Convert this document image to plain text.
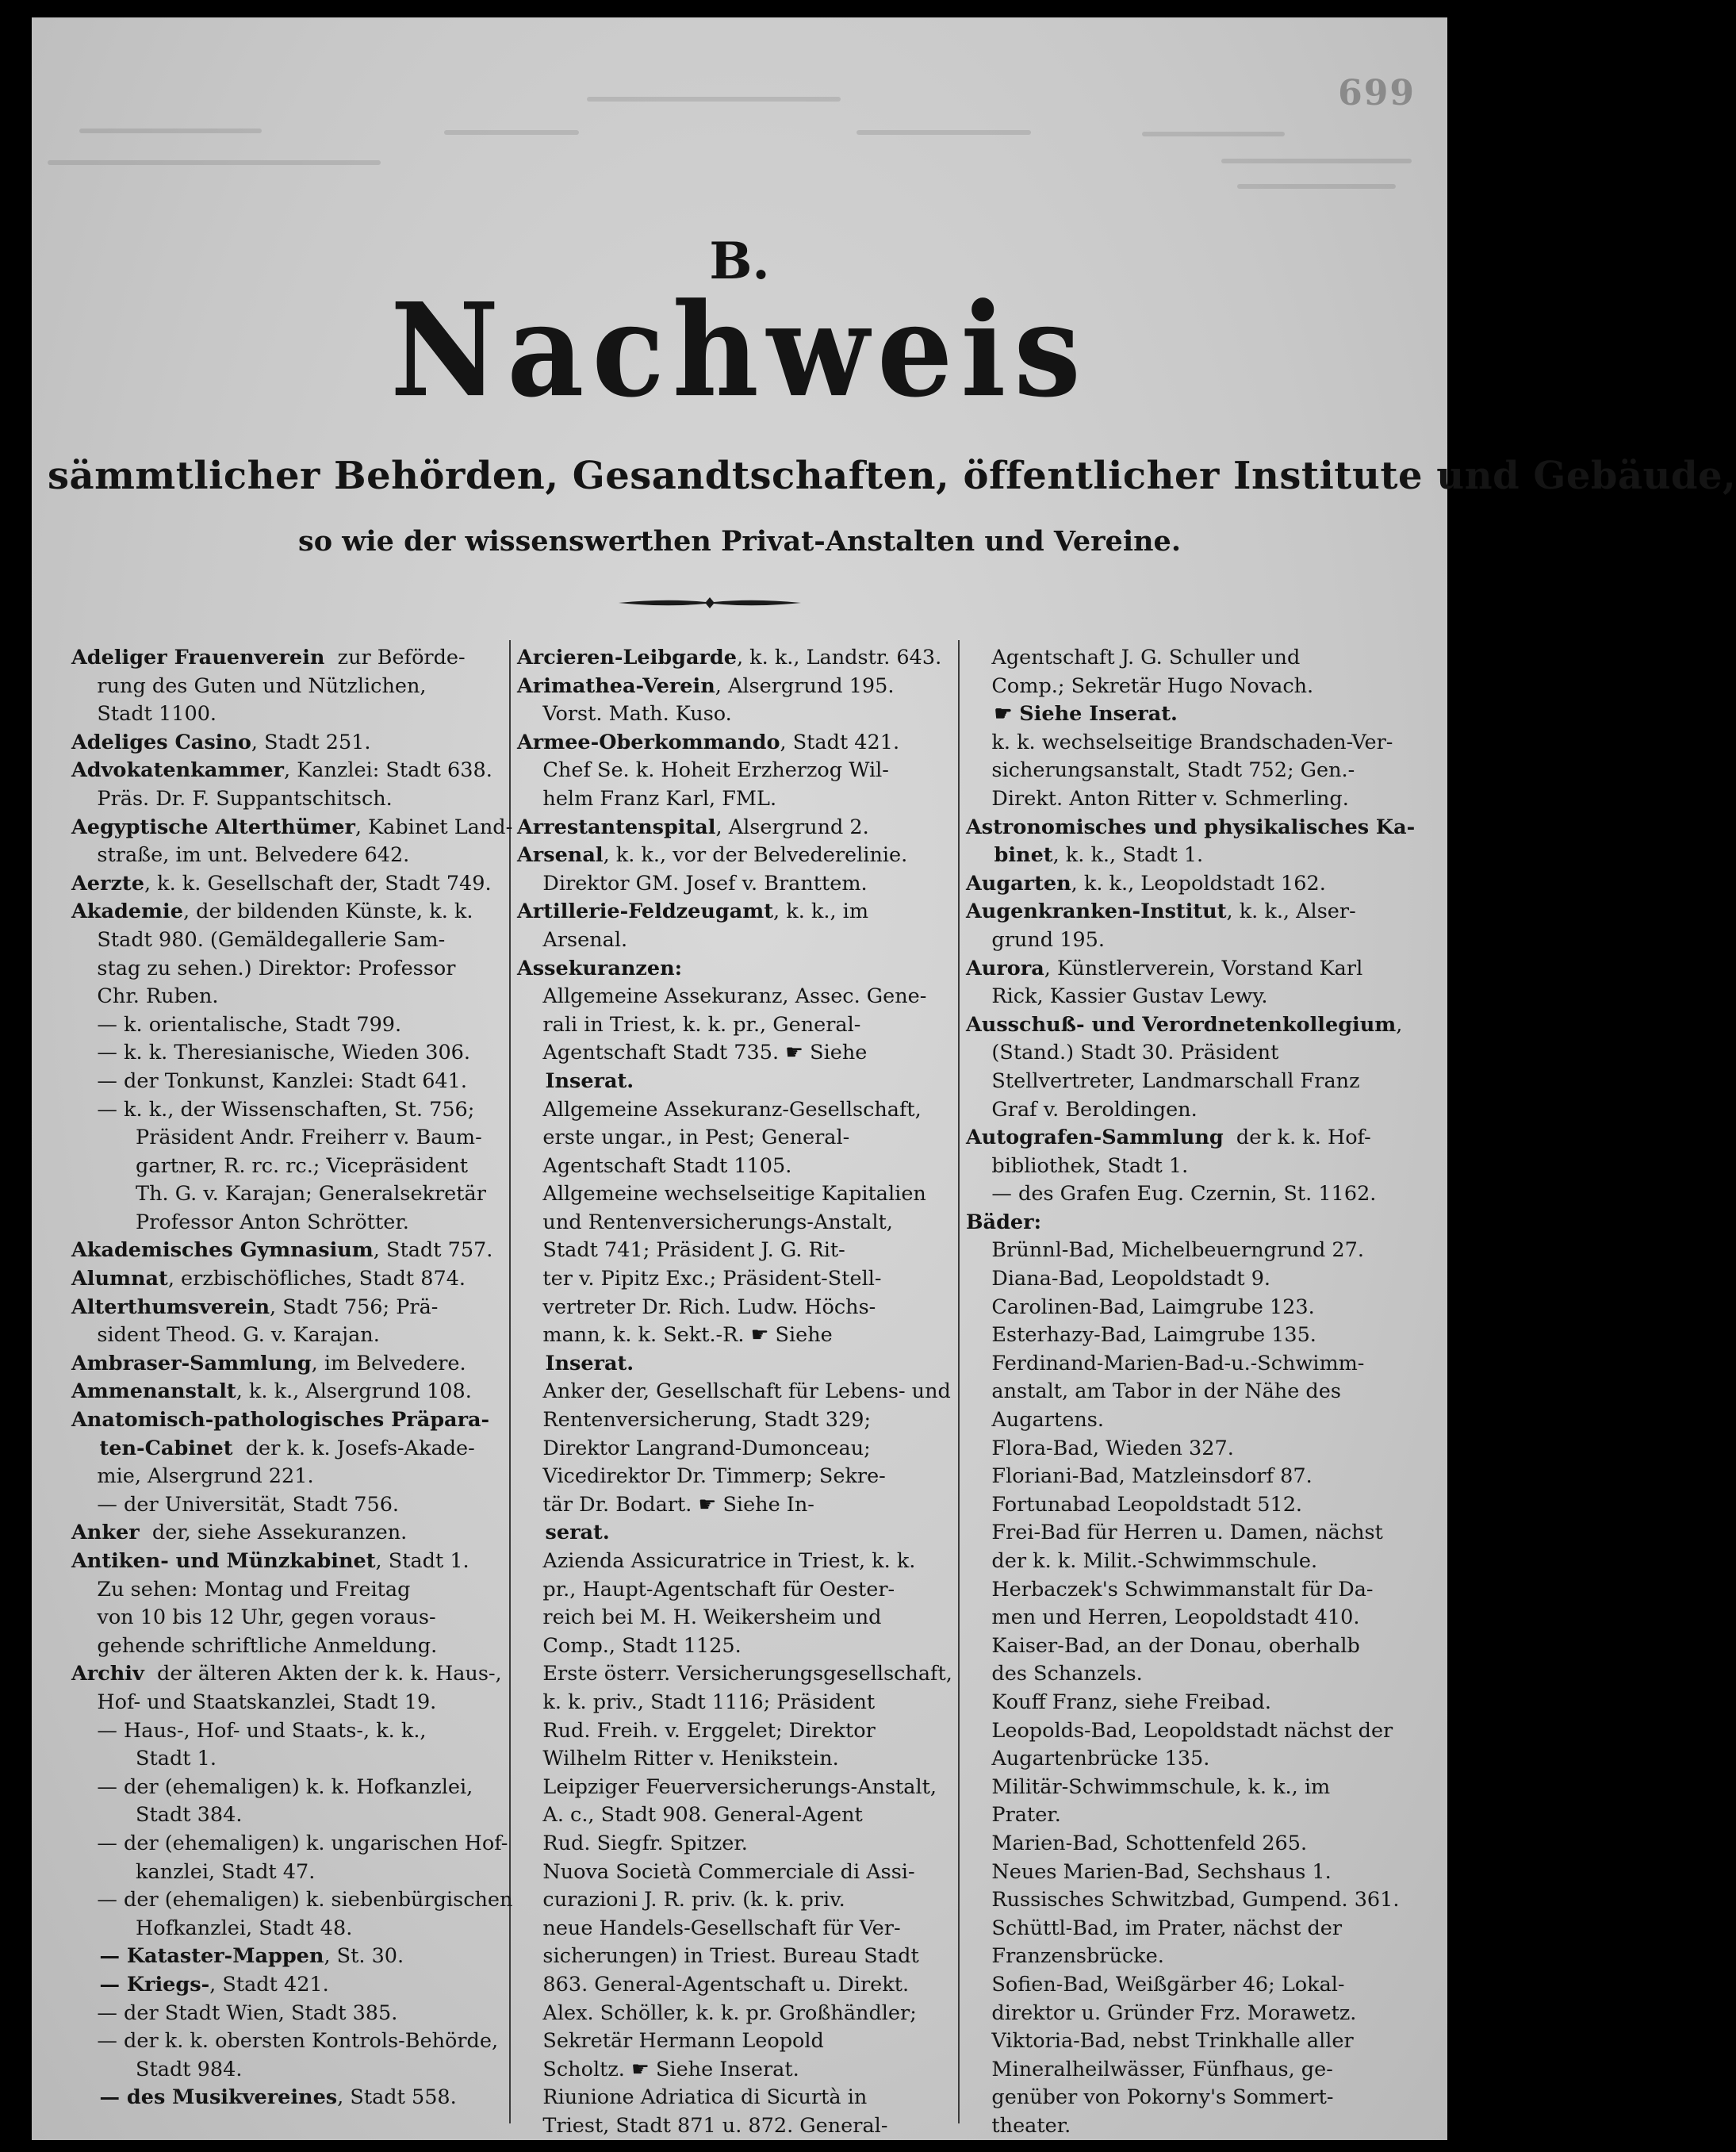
699
B.
Nachweis
sämmtlicher Behörden, Gesandtschaften, öffentlicher Institute und Gebäude,
so wie der wissenswerthen Privat-Anstalten und Vereine.
Adeliger Frauenverein  zur Beförde-
rung des Guten und Nützlichen,
Stadt 1100.
Adeliges Casino, Stadt 251.
Advokatenkammer, Kanzlei: Stadt 638.
Präs. Dr. F. Suppantschitsch.
Aegyptische Alterthümer, Kabinet Land-
straße, im unt. Belvedere 642.
Aerzte, k. k. Gesellschaft der, Stadt 749.
Akademie, der bildenden Künste, k. k.
Stadt 980. (Gemäldegallerie Sam-
stag zu sehen.) Direktor: Professor
Chr. Ruben.
— k. orientalische, Stadt 799.
— k. k. Theresianische, Wieden 306.
— der Tonkunst, Kanzlei: Stadt 641.
— k. k., der Wissenschaften, St. 756;
Präsident Andr. Freiherr v. Baum-
gartner, R. rc. rc.; Vicepräsident
Th. G. v. Karajan; Generalsekretär
Professor Anton Schrötter.
Akademisches Gymnasium, Stadt 757.
Alumnat, erzbischöfliches, Stadt 874.
Alterthumsverein, Stadt 756; Prä-
sident Theod. G. v. Karajan.
Ambraser-Sammlung, im Belvedere.
Ammenanstalt, k. k., Alsergrund 108.
Anatomisch-pathologisches Präpara-
ten-Cabinet  der k. k. Josefs-Akade-
mie, Alsergrund 221.
— der Universität, Stadt 756.
Anker  der, siehe Assekuranzen.
Antiken- und Münzkabinet, Stadt 1.
Zu sehen: Montag und Freitag
von 10 bis 12 Uhr, gegen voraus-
gehende schriftliche Anmeldung.
Archiv  der älteren Akten der k. k. Haus-,
Hof- und Staatskanzlei, Stadt 19.
— Haus-, Hof- und Staats-, k. k.,
Stadt 1.
— der (ehemaligen) k. k. Hofkanzlei,
Stadt 384.
— der (ehemaligen) k. ungarischen Hof-
kanzlei, Stadt 47.
— der (ehemaligen) k. siebenbürgischen
Hofkanzlei, Stadt 48.
— Kataster-Mappen, St. 30.
— Kriegs-, Stadt 421.
— der Stadt Wien, Stadt 385.
— der k. k. obersten Kontrols-Behörde,
Stadt 984.
— des Musikvereines, Stadt 558.
Arcieren-Leibgarde, k. k., Landstr. 643.
Arimathea-Verein, Alsergrund 195.
Vorst. Math. Kuso.
Armee-Oberkommando, Stadt 421.
Chef Se. k. Hoheit Erzherzog Wil-
helm Franz Karl, FML.
Arrestantenspital, Alsergrund 2.
Arsenal, k. k., vor der Belvederelinie.
Direktor GM. Josef v. Branttem.
Artillerie-Feldzeugamt, k. k., im
Arsenal.
Assekuranzen:
Allgemeine Assekuranz, Assec. Gene-
rali in Triest, k. k. pr., General-
Agentschaft Stadt 735. ☛ Siehe
Inserat.
Allgemeine Assekuranz-Gesellschaft,
erste ungar., in Pest; General-
Agentschaft Stadt 1105.
Allgemeine wechselseitige Kapitalien
und Rentenversicherungs-Anstalt,
Stadt 741; Präsident J. G. Rit-
ter v. Pipitz Exc.; Präsident-Stell-
vertreter Dr. Rich. Ludw. Höchs-
mann, k. k. Sekt.-R. ☛ Siehe
Inserat.
Anker der, Gesellschaft für Lebens- und
Rentenversicherung, Stadt 329;
Direktor Langrand-Dumonceau;
Vicedirektor Dr. Timmerp; Sekre-
tär Dr. Bodart. ☛ Siehe In-
serat.
Azienda Assicuratrice in Triest, k. k.
pr., Haupt-Agentschaft für Oester-
reich bei M. H. Weikersheim und
Comp., Stadt 1125.
Erste österr. Versicherungsgesellschaft,
k. k. priv., Stadt 1116; Präsident
Rud. Freih. v. Erggelet; Direktor
Wilhelm Ritter v. Henikstein.
Leipziger Feuerversicherungs-Anstalt,
A. c., Stadt 908. General-Agent
Rud. Siegfr. Spitzer.
Nuova Società Commerciale di Assi-
curazioni J. R. priv. (k. k. priv.
neue Handels-Gesellschaft für Ver-
sicherungen) in Triest. Bureau Stadt
863. General-Agentschaft u. Direkt.
Alex. Schöller, k. k. pr. Großhändler;
Sekretär Hermann Leopold
Scholtz. ☛ Siehe Inserat.
Riunione Adriatica di Sicurtà in
Triest, Stadt 871 u. 872. General-
Agentschaft J. G. Schuller und
Comp.; Sekretär Hugo Novach.
☛ Siehe Inserat.
k. k. wechselseitige Brandschaden-Ver-
sicherungsanstalt, Stadt 752; Gen.-
Direkt. Anton Ritter v. Schmerling.
Astronomisches und physikalisches Ka-
binet, k. k., Stadt 1.
Augarten, k. k., Leopoldstadt 162.
Augenkranken-Institut, k. k., Alser-
grund 195.
Aurora, Künstlerverein, Vorstand Karl
Rick, Kassier Gustav Lewy.
Ausschuß- und Verordnetenkollegium,
(Stand.) Stadt 30. Präsident
Stellvertreter, Landmarschall Franz
Graf v. Beroldingen.
Autografen-Sammlung  der k. k. Hof-
bibliothek, Stadt 1.
— des Grafen Eug. Czernin, St. 1162.
Bäder:
Brünnl-Bad, Michelbeuerngrund 27.
Diana-Bad, Leopoldstadt 9.
Carolinen-Bad, Laimgrube 123.
Esterhazy-Bad, Laimgrube 135.
Ferdinand-Marien-Bad-u.-Schwimm-
anstalt, am Tabor in der Nähe des
Augartens.
Flora-Bad, Wieden 327.
Floriani-Bad, Matzleinsdorf 87.
Fortunabad Leopoldstadt 512.
Frei-Bad für Herren u. Damen, nächst
der k. k. Milit.-Schwimmschule.
Herbaczek's Schwimmanstalt für Da-
men und Herren, Leopoldstadt 410.
Kaiser-Bad, an der Donau, oberhalb
des Schanzels.
Kouff Franz, siehe Freibad.
Leopolds-Bad, Leopoldstadt nächst der
Augartenbrücke 135.
Militär-Schwimmschule, k. k., im
Prater.
Marien-Bad, Schottenfeld 265.
Neues Marien-Bad, Sechshaus 1.
Russisches Schwitzbad, Gumpend. 361.
Schüttl-Bad, im Prater, nächst der
Franzensbrücke.
Sofien-Bad, Weißgärber 46; Lokal-
direktor u. Gründer Frz. Morawetz.
Viktoria-Bad, nebst Trinkhalle aller
Mineralheilwässer, Fünfhaus, ge-
genüber von Pokorny's Sommert-
theater.
